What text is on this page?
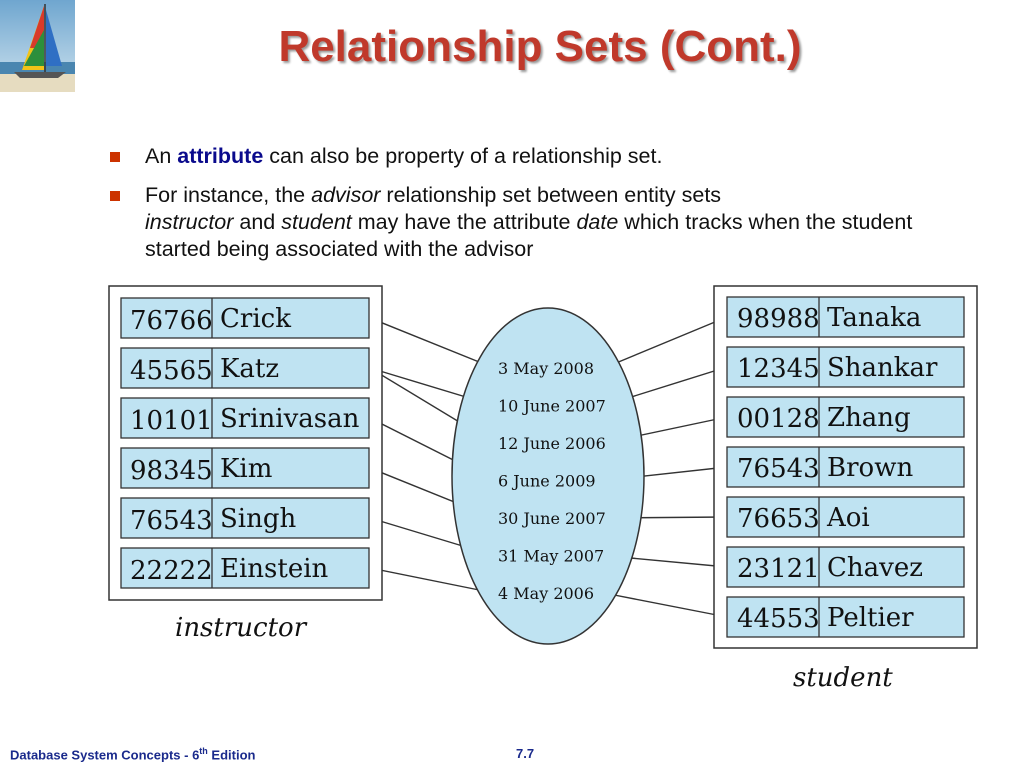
Relationship Sets (Cont.)
An attribute can also be property of a relationship set.
For instance, the advisor relationship set between entity sets
instructor and student may have the attribute date which tracks when the student started being associated with the advisor
76766 Crick
45565 Katz
10101 Srinivasan
98345 Kim
76543 Singh
22222 Einstein
instructor
98988 Tanaka
12345 Shankar
00128 Zhang
76543 Brown
76653 Aoi
23121 Chavez
44553 Peltier
student
3 May 2008
10 June 2007
12 June 2006
6 June 2009
30 June 2007
31 May 2007
4 May 2006
Database System Concepts - 6th Edition	7.7
